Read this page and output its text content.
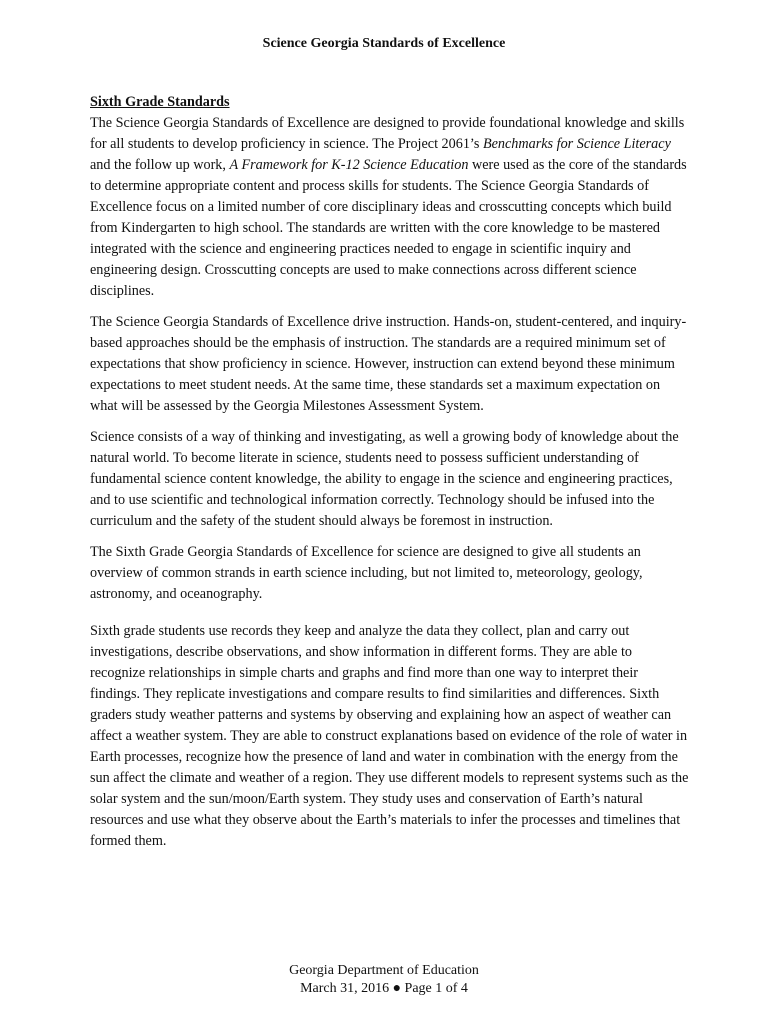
Science Georgia Standards of Excellence

Sixth Grade Standards

The Science Georgia Standards of Excellence are designed to provide foundational knowledge and skills for all students to develop proficiency in science. The Project 2061’s Benchmarks for Science Literacy and the follow up work, A Framework for K-12 Science Education were used as the core of the standards to determine appropriate content and process skills for students. The Science Georgia Standards of Excellence focus on a limited number of core disciplinary ideas and crosscutting concepts which build from Kindergarten to high school. The standards are written with the core knowledge to be mastered integrated with the science and engineering practices needed to engage in scientific inquiry and engineering design. Crosscutting concepts are used to make connections across different science disciplines.

The Science Georgia Standards of Excellence drive instruction. Hands-on, student-centered, and inquiry-based approaches should be the emphasis of instruction. The standards are a required minimum set of expectations that show proficiency in science. However, instruction can extend beyond these minimum expectations to meet student needs. At the same time, these standards set a maximum expectation on what will be assessed by the Georgia Milestones Assessment System.

Science consists of a way of thinking and investigating, as well a growing body of knowledge about the natural world. To become literate in science, students need to possess sufficient understanding of fundamental science content knowledge, the ability to engage in the science and engineering practices, and to use scientific and technological information correctly. Technology should be infused into the curriculum and the safety of the student should always be foremost in instruction.

The Sixth Grade Georgia Standards of Excellence for science are designed to give all students an overview of common strands in earth science including, but not limited to, meteorology, geology, astronomy, and oceanography.

Sixth grade students use records they keep and analyze the data they collect, plan and carry out investigations, describe observations, and show information in different forms. They are able to recognize relationships in simple charts and graphs and find more than one way to interpret their findings. They replicate investigations and compare results to find similarities and differences. Sixth graders study weather patterns and systems by observing and explaining how an aspect of weather can affect a weather system. They are able to construct explanations based on evidence of the role of water in Earth processes, recognize how the presence of land and water in combination with the energy from the sun affect the climate and weather of a region. They use different models to represent systems such as the solar system and the sun/moon/Earth system. They study uses and conservation of Earth’s natural resources and use what they observe about the Earth’s materials to infer the processes and timelines that formed them.

Georgia Department of Education
March 31, 2016 ● Page 1 of 4
